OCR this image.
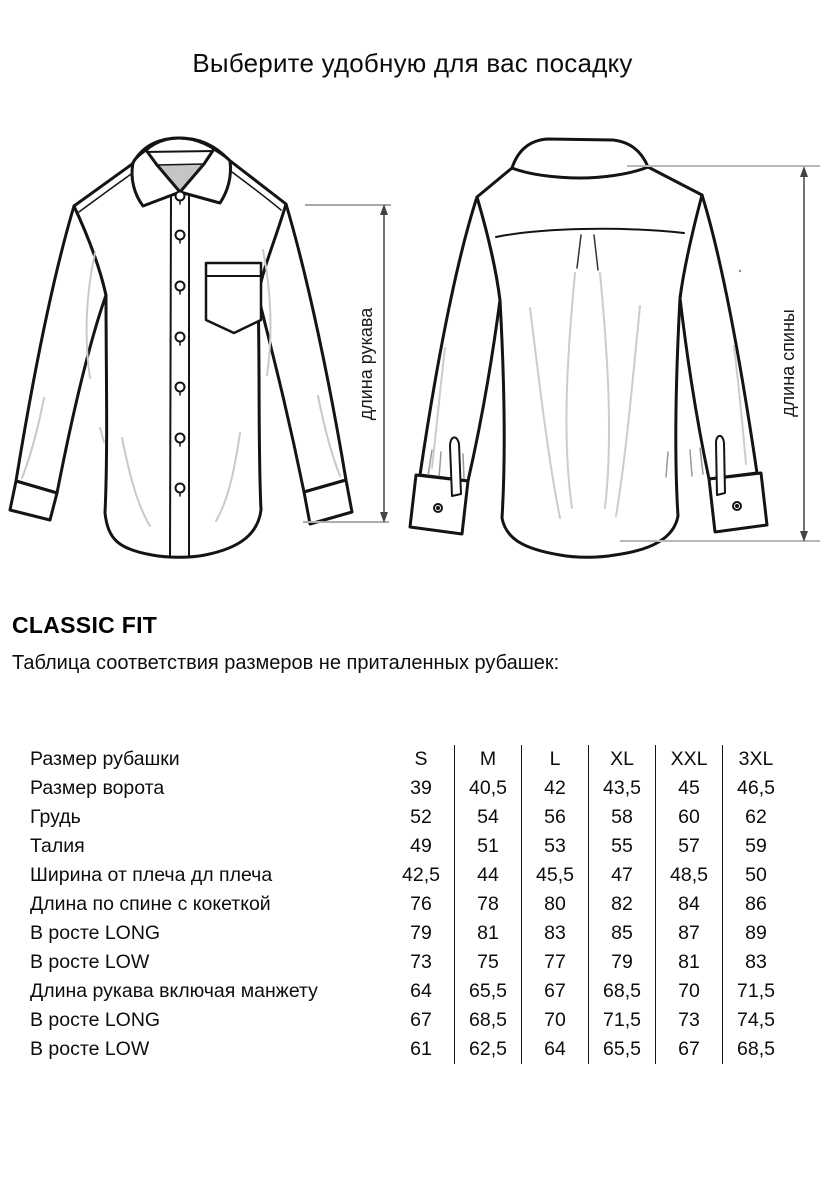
Выберите удобную для вас посадку
длина рукава	длина спины
CLASSIC FIT
Таблица соответствия размеров не приталенных рубашек:
Размер рубашки	S	M	L	XL	XXL	3XL
Размер ворота	39	40,5	42	43,5	45	46,5
Грудь	52	54	56	58	60	62
Талия	49	51	53	55	57	59
Ширина от плеча дл плеча	42,5	44	45,5	47	48,5	50
Длина по спине с кокеткой	76	78	80	82	84	86
В росте LONG	79	81	83	85	87	89
В росте LOW	73	75	77	79	81	83
Длина рукава включая манжету	64	65,5	67	68,5	70	71,5
В росте LONG	67	68,5	70	71,5	73	74,5
В росте LOW	61	62,5	64	65,5	67	68,5
